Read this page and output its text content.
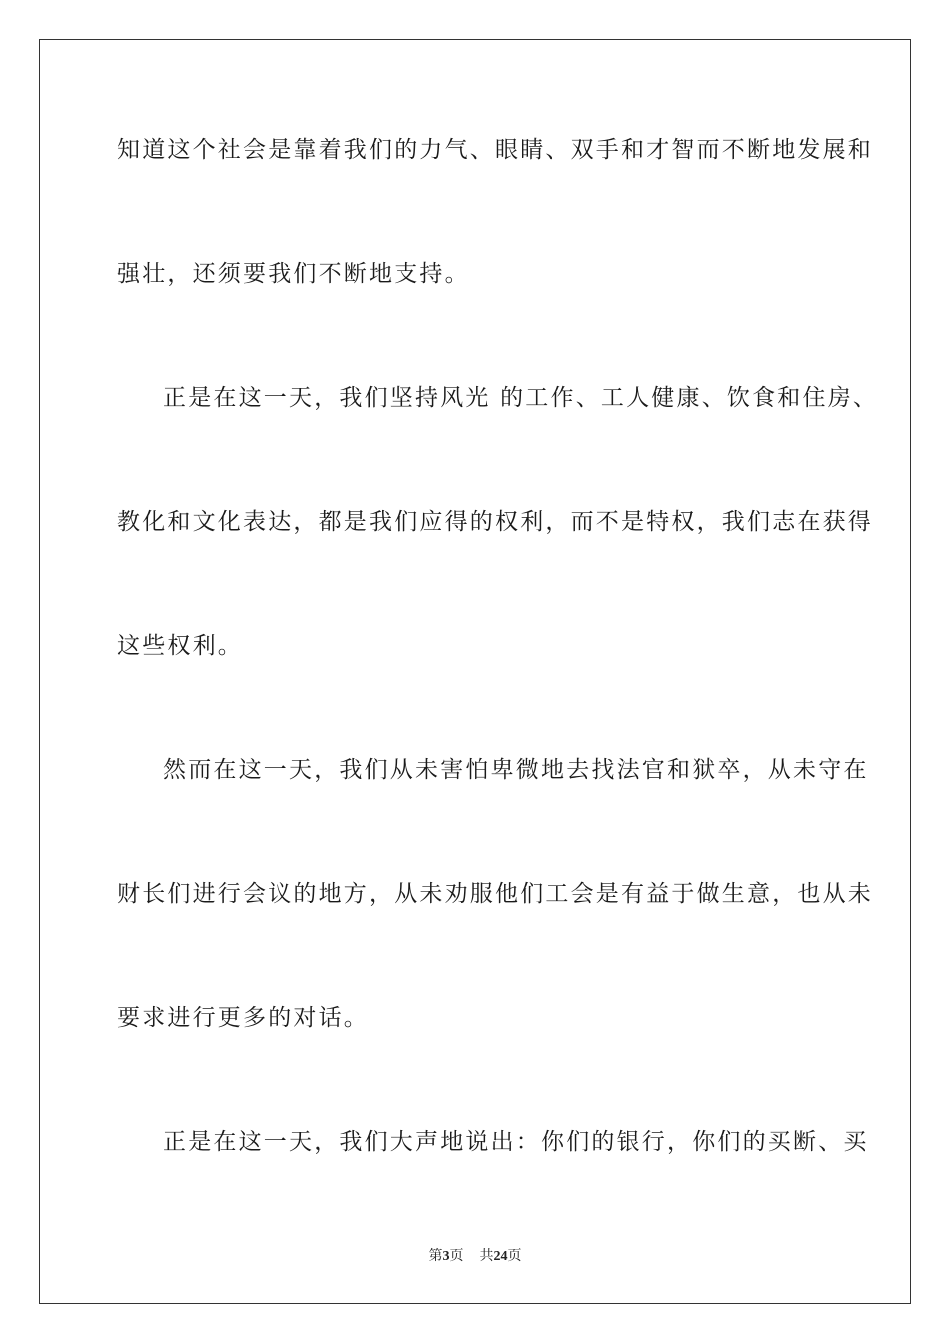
知道这个社会是靠着我们的力气、眼睛、双手和才智而不断地发展和
强壮，还须要我们不断地支持。
正是在这一天，我们坚持风光 的工作、工人健康、饮食和住房、
教化和文化表达，都是我们应得的权利，而不是特权，我们志在获得
这些权利。
然而在这一天，我们从未害怕卑微地去找法官和狱卒，从未守在
财长们进行会议的地方，从未劝服他们工会是有益于做生意，也从未
要求进行更多的对话。
正是在这一天，我们大声地说出：你们的银行，你们的买断、买
第3页 共24页
